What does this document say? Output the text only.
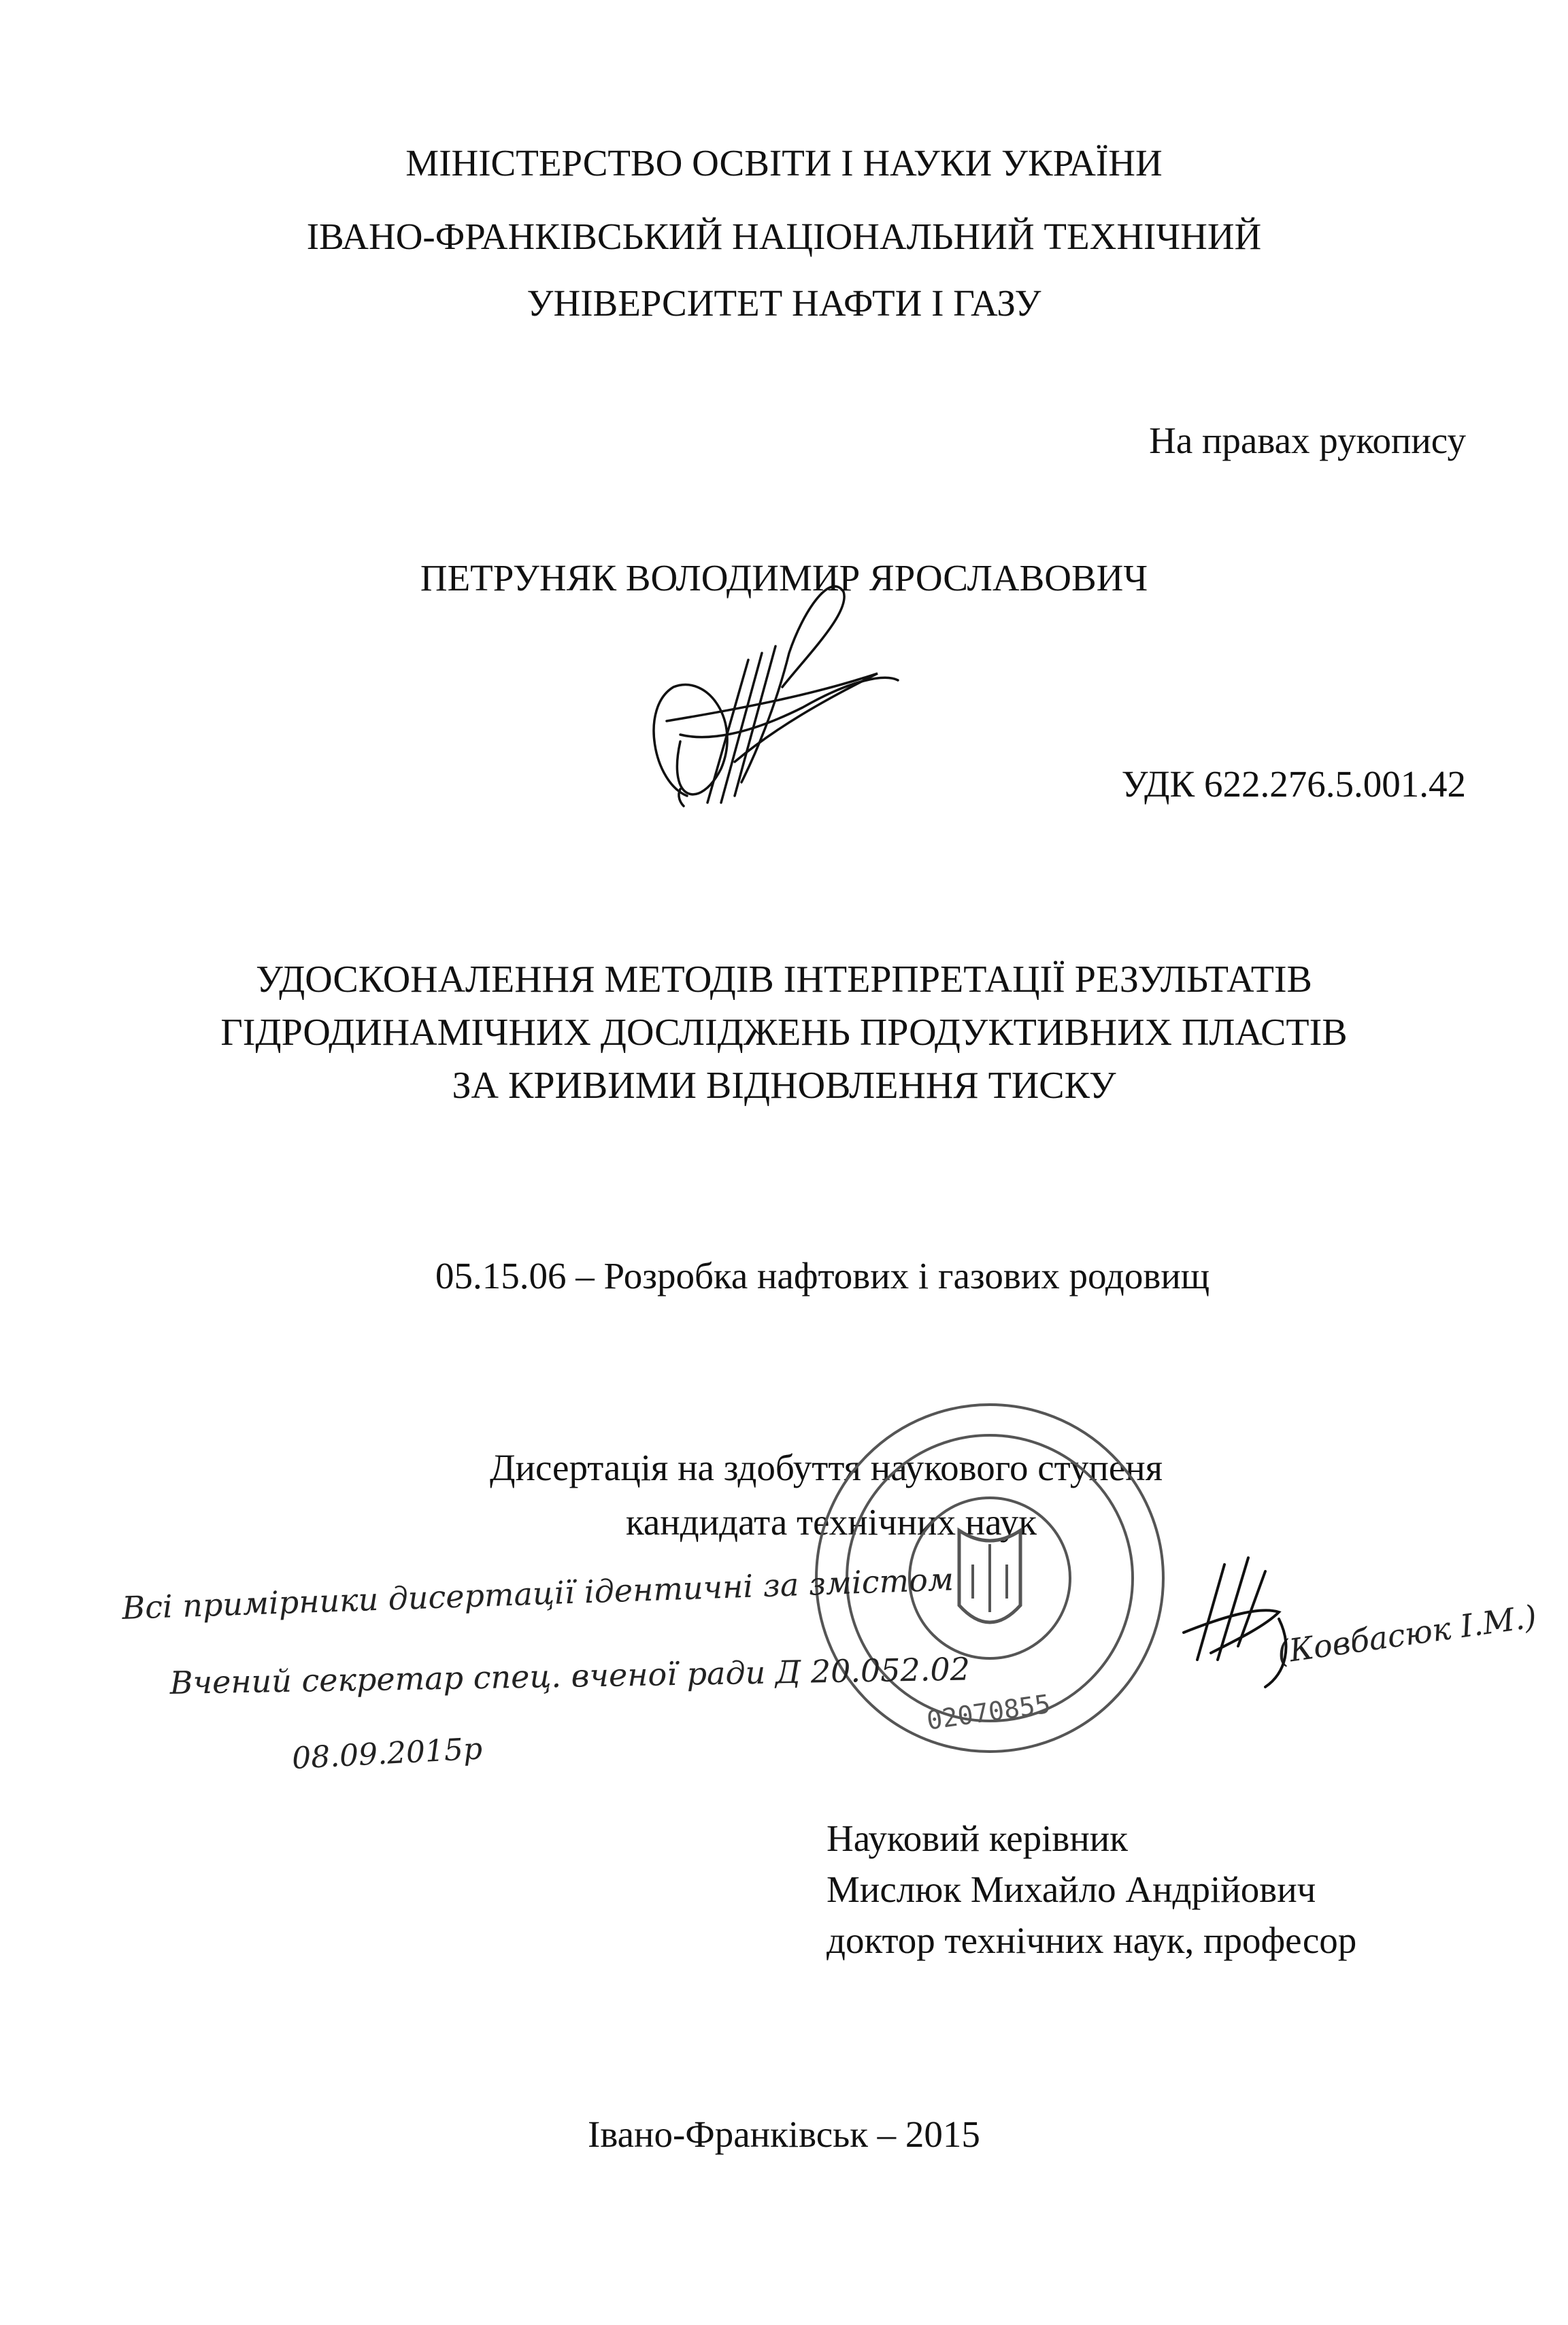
МІНІСТЕРСТВО ОСВІТИ І НАУКИ УКРАЇНИ
ІВАНО-ФРАНКІВСЬКИЙ НАЦІОНАЛЬНИЙ ТЕХНІЧНИЙ
УНІВЕРСИТЕТ НАФТИ І ГАЗУ
На правах рукопису
ПЕТРУНЯК ВОЛОДИМИР ЯРОСЛАВОВИЧ
УДК 622.276.5.001.42
УДОСКОНАЛЕННЯ МЕТОДІВ ІНТЕРПРЕТАЦІЇ РЕЗУЛЬТАТІВ
ГІДРОДИНАМІЧНИХ ДОСЛІДЖЕНЬ ПРОДУКТИВНИХ ПЛАСТІВ
ЗА КРИВИМИ ВІДНОВЛЕННЯ ТИСКУ
05.15.06 – Розробка нафтових і газових родовищ
Дисертація на здобуття наукового ступеня
кандидата технічних наук
02070855
Всі примірники дисертації ідентичні за змістом
Вчений секретар спец. вченої ради Д 20.052.02
08.09.2015р
(Ковбасюк І.М.)
Науковий керівник
Мислюк Михайло Андрійович
доктор технічних наук, професор
Івано-Франківськ – 2015
